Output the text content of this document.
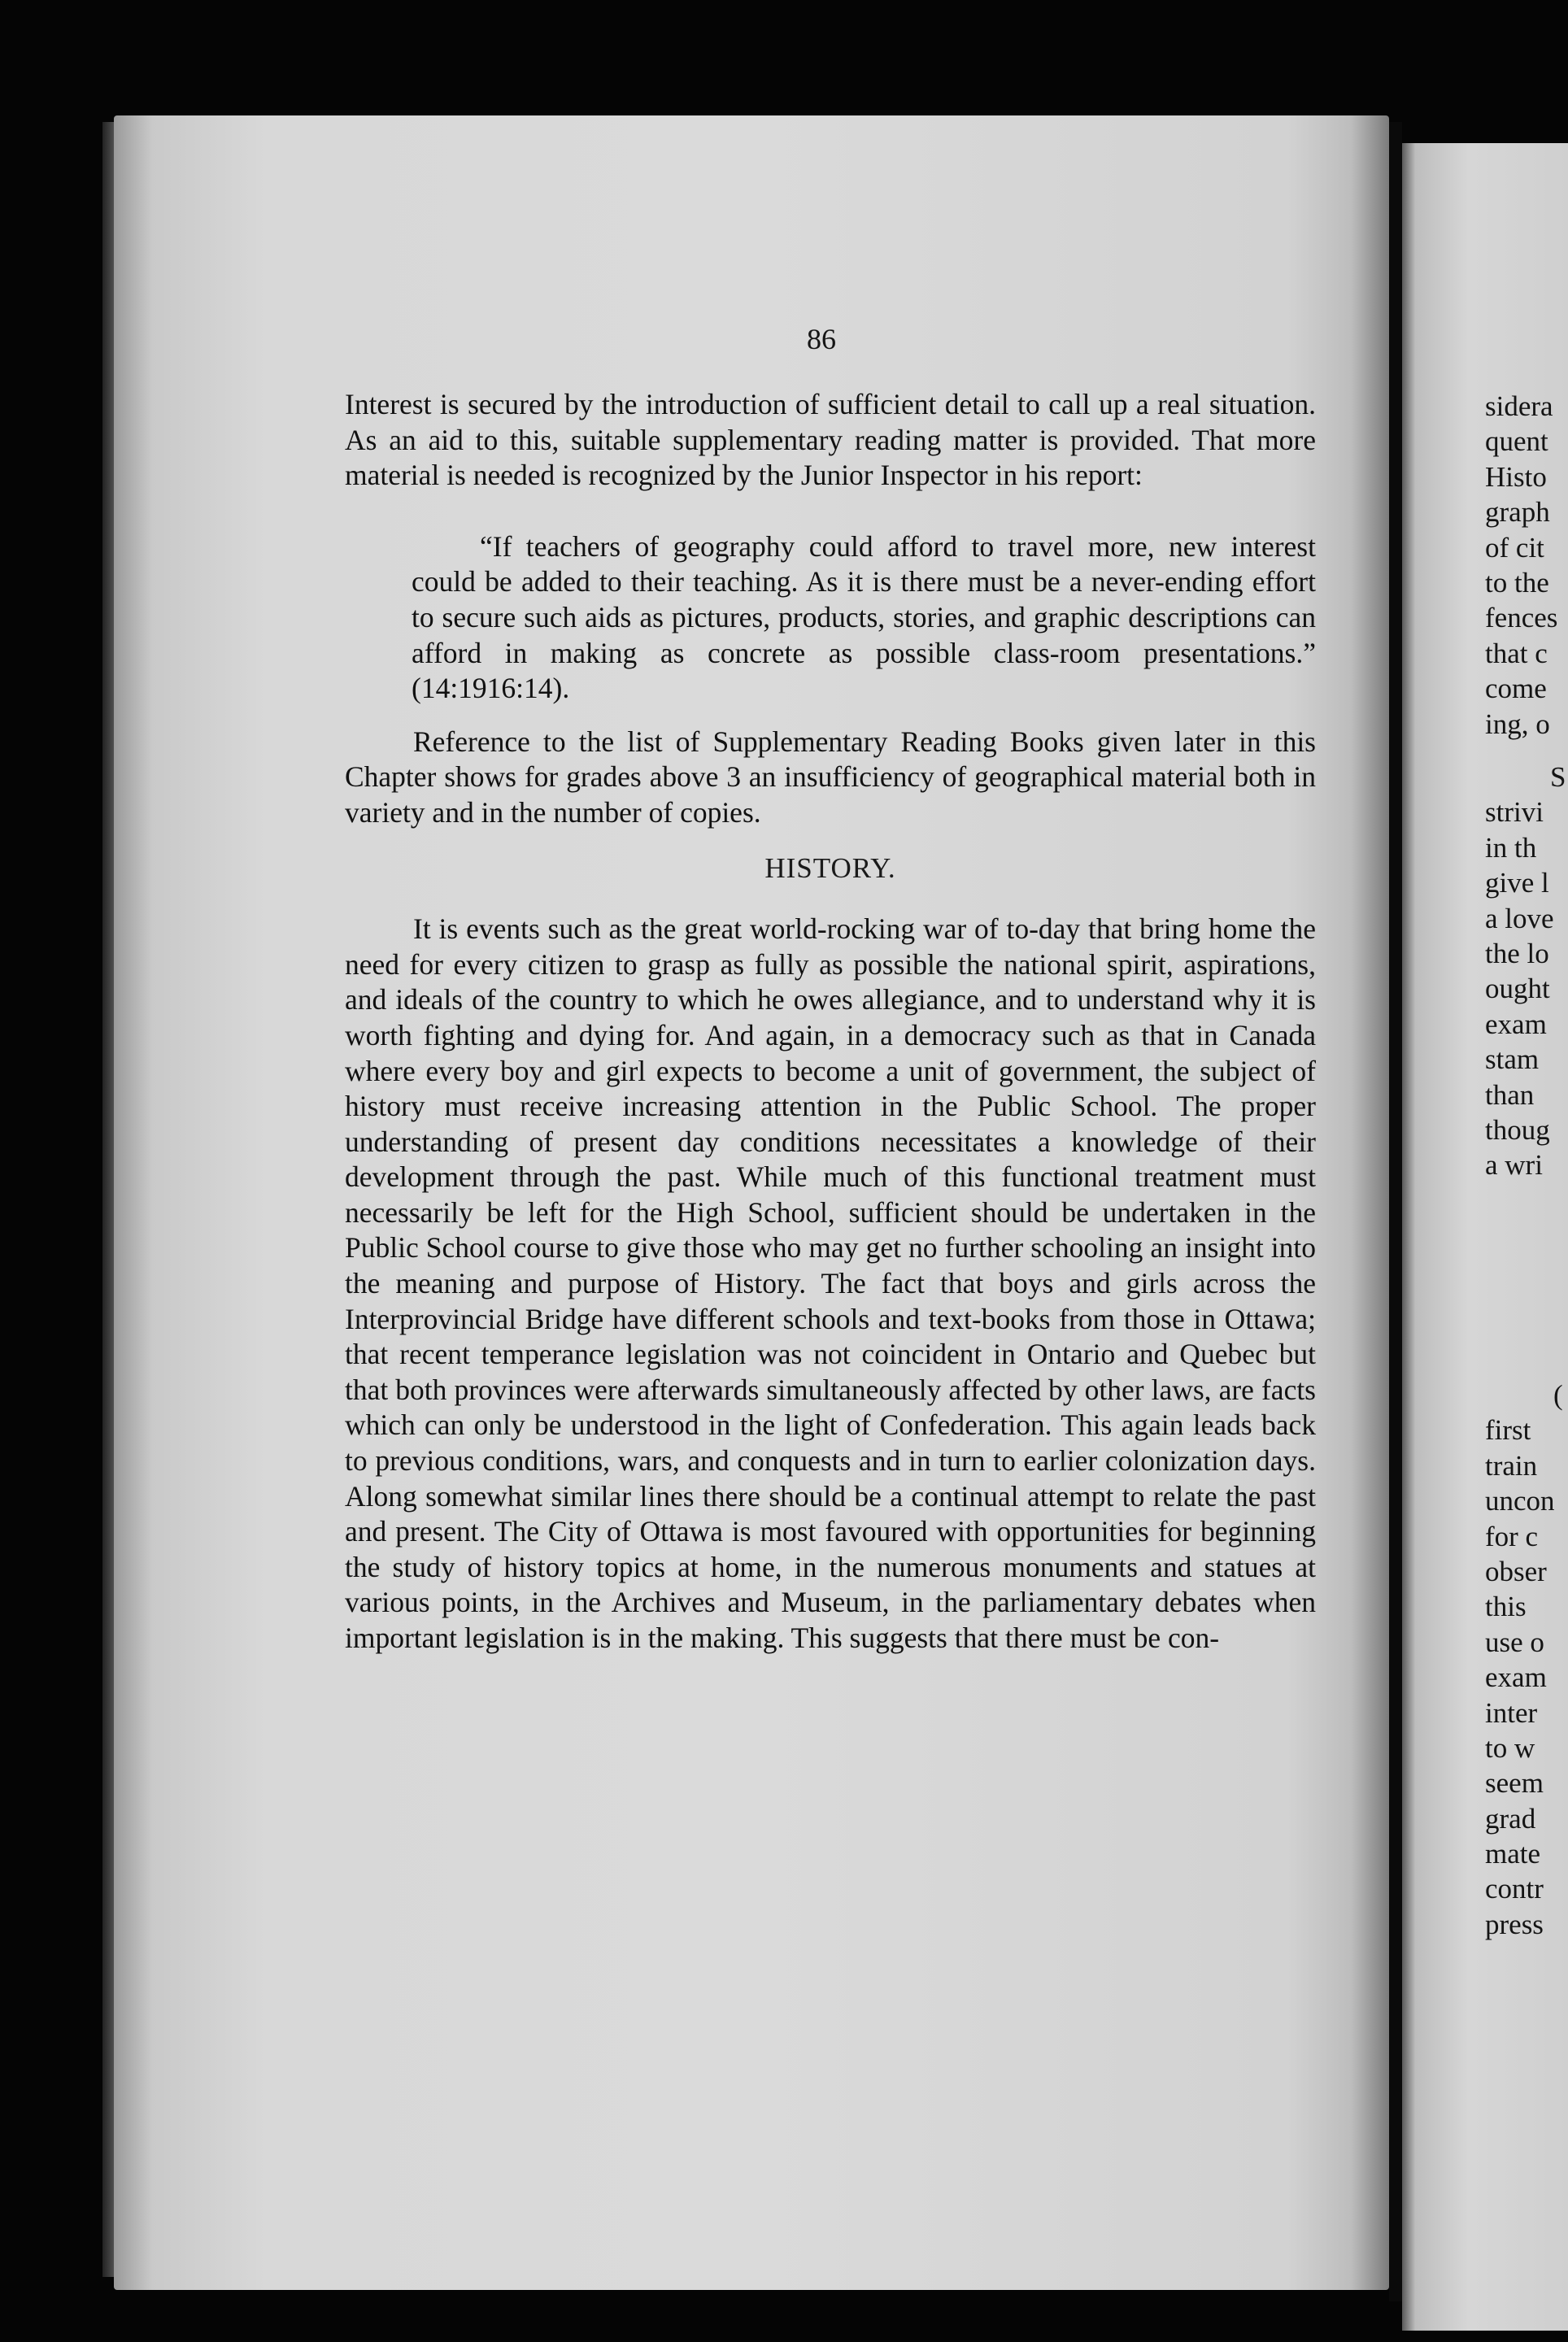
86

Interest is secured by the introduction of sufficient detail to call up a real situation. As an aid to this, suitable supplementary reading matter is provided. That more material is needed is recognized by the Junior Inspector in his report:

“If teachers of geography could afford to travel more, new interest could be added to their teaching. As it is there must be a never-ending effort to secure such aids as pictures, products, stories, and graphic descriptions can afford in making as concrete as possible class-room presentations.” (14:1916:14).

Reference to the list of Supplementary Reading Books given later in this Chapter shows for grades above 3 an insufficiency of geographical material both in variety and in the number of copies.

HISTORY.

It is events such as the great world-rocking war of to-day that bring home the need for every citizen to grasp as fully as possible the national spirit, aspirations, and ideals of the country to which he owes allegiance, and to understand why it is worth fighting and dying for. And again, in a democracy such as that in Canada where every boy and girl expects to become a unit of government, the subject of history must receive increasing attention in the Public School. The proper understanding of present day conditions necessitates a knowledge of their development through the past. While much of this functional treatment must necessarily be left for the High School, sufficient should be undertaken in the Public School course to give those who may get no further schooling an insight into the meaning and purpose of History. The fact that boys and girls across the Interprovincial Bridge have different schools and text-books from those in Ottawa; that recent temperance legislation was not coincident in Ontario and Quebec but that both provinces were afterwards simultaneously affected by other laws, are facts which can only be understood in the light of Confederation. This again leads back to previous conditions, wars, and conquests and in turn to earlier colonization days. Along somewhat similar lines there should be a continual attempt to relate the past and present. The City of Ottawa is most favoured with opportunities for beginning the study of history topics at home, in the numerous monuments and statues at various points, in the Archives and Museum, in the parliamentary debates when important legislation is in the making. This suggests that there must be con-

sidera
quent
Histo
graph
of cit
to the
fences
that c
come
ing, o
S
strivi
in th
give l
a love
the lo
ought
exam
stam
than
thoug
a wri
(
first
train
uncon
for c
obser
this
use o
exam
inter
to w
seem
grad
mate
contr
press
